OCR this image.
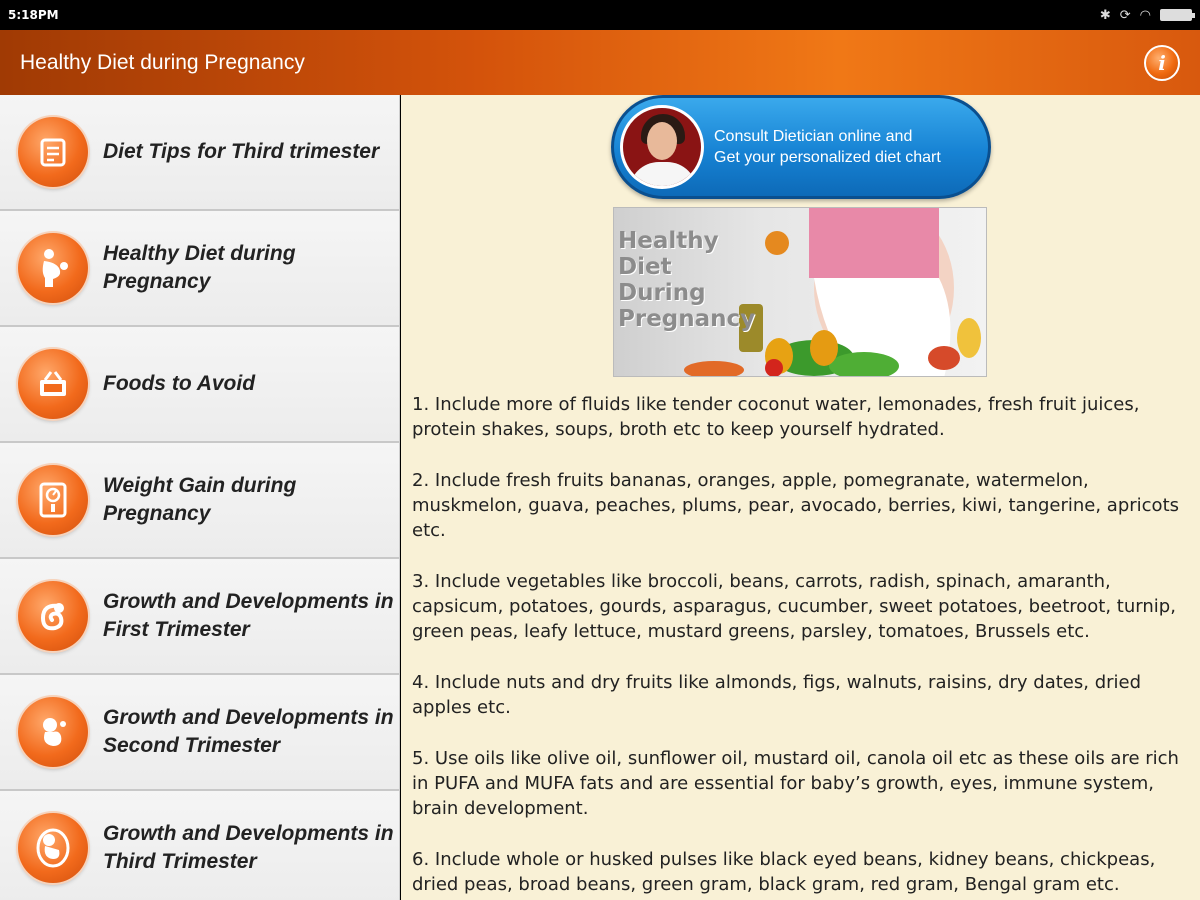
5:18PM	✱ ⟳ ◠
Healthy Diet during Pregnancy	i
Diet Tips for Third trimester
Healthy Diet during Pregnancy
Foods to Avoid
Weight Gain during Pregnancy
Growth and Developments in First Trimester
Growth and Developments in Second Trimester
Growth and Developments in Third Trimester
Consult Dietician online and
Get your personalized diet chart
Healthy
Diet
During
Pregnancy

1. Include more of fluids like tender coconut water, lemonades, fresh fruit juices, protein shakes, soups, broth etc to keep yourself hydrated.

2. Include fresh fruits bananas, oranges, apple, pomegranate, watermelon, muskmelon, guava, peaches, plums, pear, avocado, berries, kiwi, tangerine, apricots etc.

3. Include vegetables like broccoli, beans, carrots, radish, spinach, amaranth, capsicum, potatoes, gourds, asparagus, cucumber, sweet potatoes, beetroot, turnip, green peas, leafy lettuce, mustard greens, parsley, tomatoes, Brussels etc.

4. Include nuts and dry fruits like almonds, figs, walnuts, raisins, dry dates, dried apples etc.

5. Use oils like olive oil, sunflower oil, mustard oil, canola oil etc as these oils are rich in PUFA and MUFA fats and are essential for baby’s growth, eyes, immune system, brain development.

6. Include whole or husked pulses like black eyed beans, kidney beans, chickpeas, dried peas, broad beans, green gram, black gram, red gram, Bengal gram etc.
